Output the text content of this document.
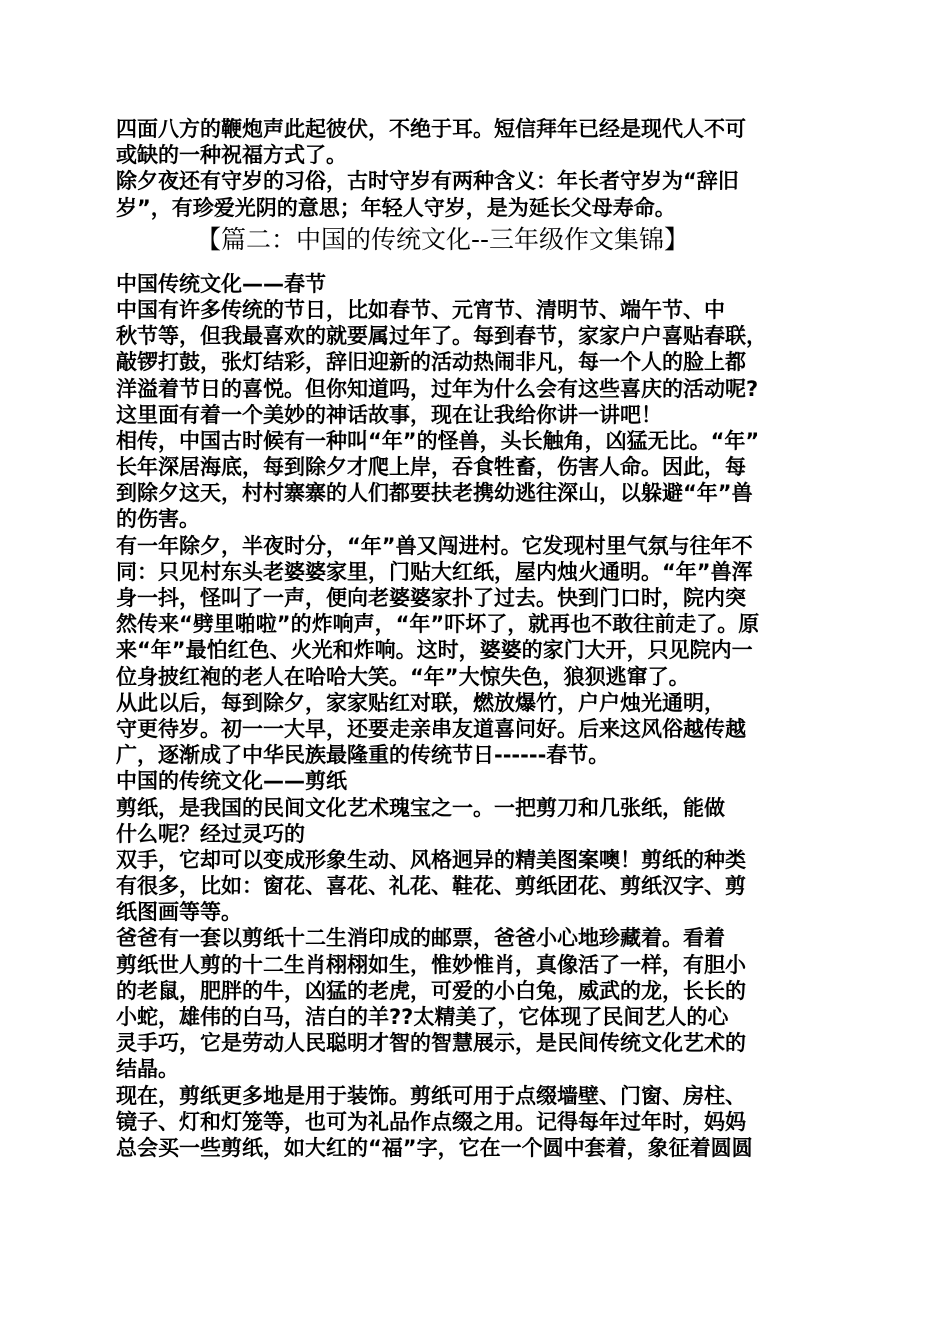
四面八方的鞭炮声此起彼伏，不绝于耳。短信拜年已经是现代人不可
或缺的一种祝福方式了。
除夕夜还有守岁的习俗，古时守岁有两种含义：年长者守岁为“辞旧
岁”，有珍爱光阴的意思；年轻人守岁，是为延长父母寿命。
【篇二：中国的传统文化--三年级作文集锦】
中国传统文化——春节
中国有许多传统的节日，比如春节、元宵节、清明节、端午节、中
秋节等，但我最喜欢的就要属过年了。每到春节，家家户户喜贴春联，
敲锣打鼓，张灯结彩，辞旧迎新的活动热闹非凡，每一个人的脸上都
洋溢着节日的喜悦。但你知道吗，过年为什么会有这些喜庆的活动呢?
这里面有着一个美妙的神话故事，现在让我给你讲一讲吧！
相传，中国古时候有一种叫“年”的怪兽，头长触角，凶猛无比。“年”
长年深居海底，每到除夕才爬上岸，吞食牲畜，伤害人命。因此，每
到除夕这天，村村寨寨的人们都要扶老携幼逃往深山，以躲避“年”兽
的伤害。
有一年除夕，半夜时分，“年”兽又闯进村。它发现村里气氛与往年不
同：只见村东头老婆婆家里，门贴大红纸，屋内烛火通明。“年”兽浑
身一抖，怪叫了一声，便向老婆婆家扑了过去。快到门口时，院内突
然传来“劈里啪啦”的炸响声，“年”吓坏了，就再也不敢往前走了。原
来“年”最怕红色、火光和炸响。这时，婆婆的家门大开，只见院内一
位身披红袍的老人在哈哈大笑。“年”大惊失色，狼狈逃窜了。
从此以后，每到除夕，家家贴红对联，燃放爆竹，户户烛光通明，
守更待岁。初一一大早，还要走亲串友道喜问好。后来这风俗越传越
广，逐渐成了中华民族最隆重的传统节日------春节。
中国的传统文化——剪纸
剪纸，是我国的民间文化艺术瑰宝之一。一把剪刀和几张纸，能做
什么呢？经过灵巧的
双手，它却可以变成形象生动、风格迥异的精美图案噢！剪纸的种类
有很多，比如：窗花、喜花、礼花、鞋花、剪纸团花、剪纸汉字、剪
纸图画等等。
爸爸有一套以剪纸十二生消印成的邮票，爸爸小心地珍藏着。看着
剪纸世人剪的十二生肖栩栩如生，惟妙惟肖，真像活了一样，有胆小
的老鼠，肥胖的牛，凶猛的老虎，可爱的小白兔，威武的龙，长长的
小蛇，雄伟的白马，洁白的羊??太精美了，它体现了民间艺人的心
灵手巧，它是劳动人民聪明才智的智慧展示，是民间传统文化艺术的
结晶。
现在，剪纸更多地是用于装饰。剪纸可用于点缀墙壁、门窗、房柱、
镜子、灯和灯笼等，也可为礼品作点缀之用。记得每年过年时，妈妈
总会买一些剪纸，如大红的“福”字，它在一个圆中套着，象征着圆圆
